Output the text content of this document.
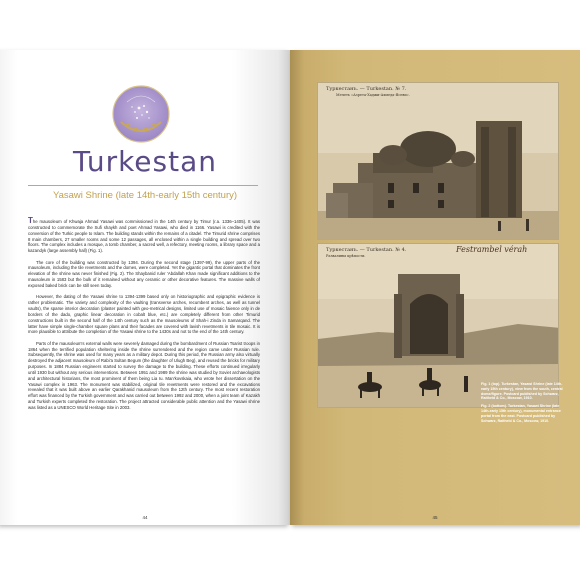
Turkestan
Yasawi Shrine (late 14th-early 15th century)

The mausoleum of Khwaja Ahmad Yasawi was commissioned in the 14th century by Timur (r.a. 1336–1405). It was constructed to commemorate the Sufi shaykh and poet Ahmad Yasawi, who died in 1166. Yasawi is credited with the conversion of the Turkic people to Islam. The building stands within the remains of a citadel. The Timurid shrine comprises 8 main chambers, 27 smaller rooms and some 12 passages, all enclosed within a single building and spread over two floors. The complex includes a mosque, a tomb chamber, a sacred well, a refectory, meeting rooms, a library space and a kazandyk (large assembly hall) (Fig. 1).

The core of the building was constructed by 1394. During the second stage (1397-99), the upper parts of the mausoleum, including the tile revetments and the domes, were completed. Yet the gigantic portal that dominates the front elevation of the shrine was never finished (Fig. 2). The Shaybanid ruler 'Abdallah Khan made significant additions to the mausoleum in 1583 but the bulk of it remained without any ceramic or other decorative features. The massive walls of exposed baked brick can be still seen today.

However, the dating of the Yasawi shrine to 1394-1399 based only on historiographic and epigraphic evidence is rather problematic. The variety and complexity of the vaulting (transverse arches, recumbent arches, as well as tunnel vaults), the sparse interior decoration (plaster painted with geo-metrical designs, limited use of mosaic faience only in de borders of the dado, graphic linear decoration in cobalt blue, etc.) are completely different from other Timurid constructions built in the second half of the 14th century such as the mausoleums of Shah-i Zinda in Samarqand. The latter have simple single-chamber square plans and their facades are covered with lavish revetments in tile mosaic. It is more plausible to attribute the completion of the Yasawi shrine to the 1430s and not to the end of the 14th century.

Parts of the mausoleum's external walls were severely damaged during the bombardment of Russian Tsarist troops in 1864 when the terrified population sheltering inside the shrine surrendered and the region came under Russian rule. Subsequently, the shrine was used for many years as a military depot. During this period, the Russian army also virtually destroyed the adjacent mausoleum of Rabi'a Sultan Begum (the daughter of Ulugh Beg), and reused the bricks for military purposes. In 1884 Russian engineers started to survey the damage to the building. These efforts continued irregularly until 1930 but without any serious interventions. Between 1951 and 1989 the shrine was studied by Soviet archaeologists and architectural historians, the most prominent of them being Lia Iu. Man'kovskaia, who wrote her dissertation on the Yasawi complex in 1963. The monument was stabilized, original tile revetments were restored and the excavations revealed that it was built above an earlier Qarakhanid mausoleum from the 12th century. The most recent restoration effort was financed by the Turkish government and was carried out between 1992 and 2000, when a joint team of Kazakh and Turkish experts completed the restoration. The project attracted considerable public attention and the Yasawi shrine was listed as a UNESCO World Heritage Site in 2003.

44
Туркестанъ. — Turkestan. № 7.
Мечеть «Азрета-Хаджи-Ахмеда-Ясеви».
Туркестанъ. — Turkestan. № 4.
Развалины крѣпости.
Festrambel vérah
45

Fig. 1 (top). Turkestan, Yasawi Shrine (late 14th-early 15th century), view from the south, central dome/figure. Postcard published by Schwarz, Raitheld & Co., Moscow, 1910.

Fig. 2 (bottom). Turkestan, Yasawi Shrine (late 14th-early 15th century), monumental entrance portal from the east. Postcard published by Schwarz, Raitheld & Co., Moscow, 1910.
